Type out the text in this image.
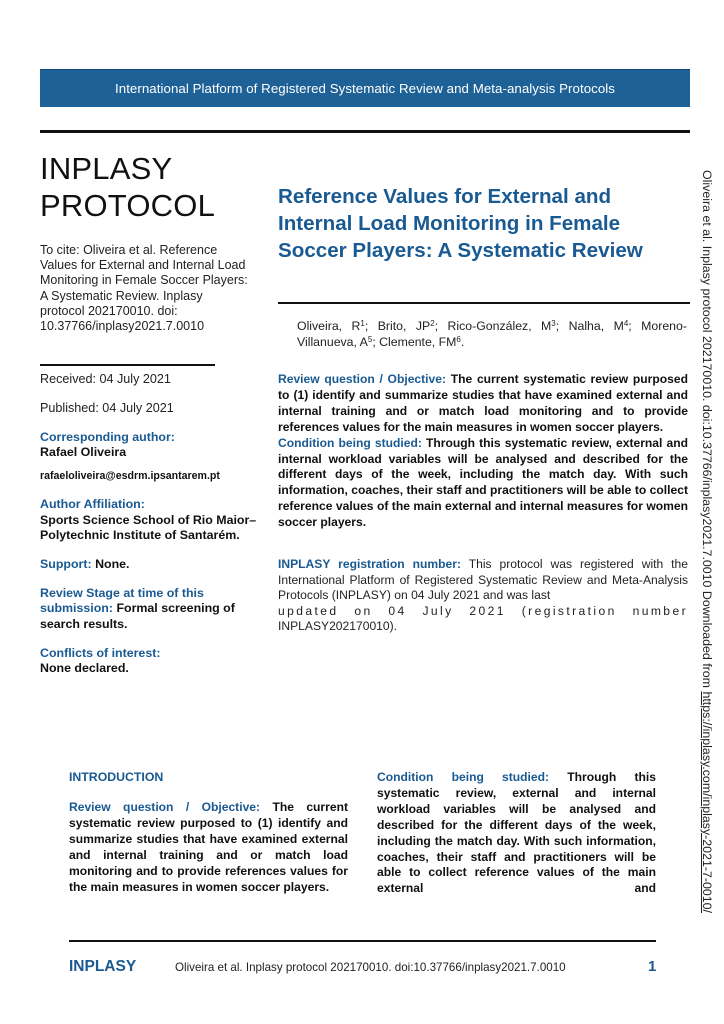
International Platform of Registered Systematic Review and Meta-analysis Protocols
INPLASY
PROTOCOL
To cite: Oliveira et al. Reference Values for External and Internal Load Monitoring in Female Soccer Players: A Systematic Review. Inplasy protocol 202170010. doi: 10.37766/inplasy2021.7.0010
Received: 04 July 2021
Published: 04 July 2021
Corresponding author:
Rafael Oliveira
rafaeloliveira@esdrm.ipsantarem.pt
Author Affiliation:
Sports Science School of Rio Maior–Polytechnic Institute of Santarém.
Support: None.
Review Stage at time of this submission: Formal screening of search results.
Conflicts of interest:
None declared.
Reference Values for External and Internal Load Monitoring in Female Soccer Players: A Systematic Review
Oliveira, $R^1$; Brito, $JP^2$; Rico-González, $M^3$; Nalha, $M^4$; Moreno-Villanueva, $A^5$; Clemente, $FM^6$.
Review question / Objective: The current systematic review purposed to (1) identify and summarize studies that have examined external and internal training and or match load monitoring and to provide references values for the main measures in women soccer players.
Condition being studied: Through this systematic review, external and internal workload variables will be analysed and described for the different days of the week, including the match day. With such information, coaches, their staff and practitioners will be able to collect reference values of the main external and internal measures for women soccer players.
INPLASY registration number: This protocol was registered with the International Platform of Registered Systematic Review and Meta-Analysis Protocols (INPLASY) on 04 July 2021 and was last
updated on 04 July 2021 (registration number
INPLASY202170010).
INTRODUCTION
Review question / Objective: The current systematic review purposed to (1) identify and summarize studies that have examined external and internal training and or match load monitoring and to provide references values for the main measures in women soccer players.
Condition being studied: Through this systematic review, external and internal workload variables will be analysed and described for the different days of the week, including the match day. With such information, coaches, their staff and practitioners will be able to collect reference values of the main external and
INPLASY	Oliveira et al. Inplasy protocol 202170010. doi:10.37766/inplasy2021.7.0010	1
Oliveira et al. Inplasy protocol 202170010. doi:10.37766/inplasy2021.7.0010 Downloaded from https://inplasy.com/inplasy-2021-7-0010/
